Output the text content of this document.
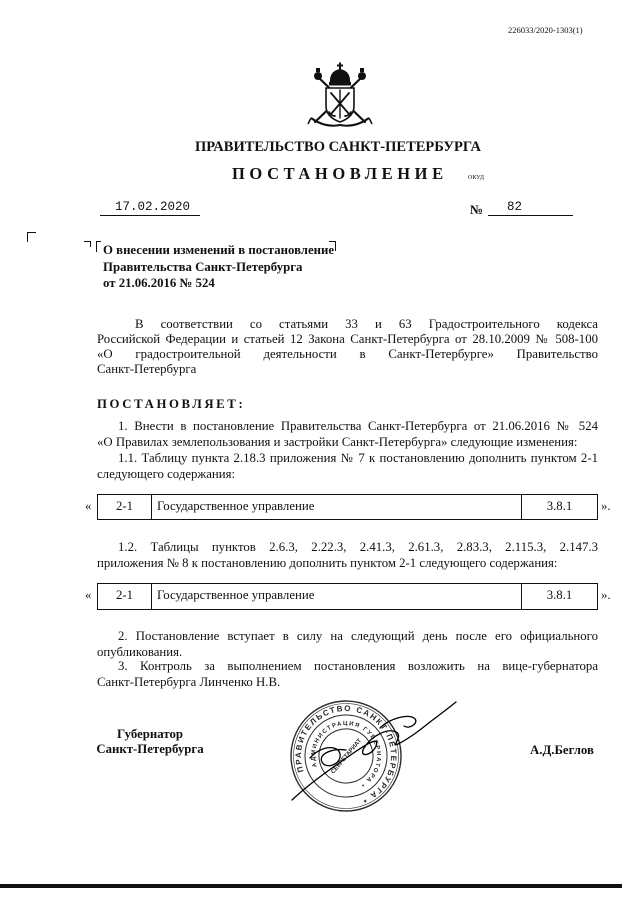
226033/2020-1303(1)
ПРАВИТЕЛЬСТВО САНКТ-ПЕТЕРБУРГА
ПОСТАНОВЛЕНИЕ	ОКУД
17.02.2020	№ 82
О внесении изменений в постановление
Правительства Санкт-Петербурга
от 21.06.2016 № 524
В соответствии со статьями 33 и 63 Градостроительного кодекса
Российской Федерации и статьей 12 Закона Санкт-Петербурга от 28.10.2009 № 508-100
«О градостроительной деятельности в Санкт-Петербурге» Правительство
Санкт-Петербурга
ПОСТАНОВЛЯЕТ:
1. Внести в постановление Правительства Санкт-Петербурга от 21.06.2016 № 524
«О Правилах землепользования и застройки Санкт-Петербурга» следующие изменения:
1.1. Таблицу пункта 2.18.3 приложения № 7 к постановлению дополнить пунктом 2-1
следующего содержания:
«	2-1	Государственное управление	3.8.1	».
1.2. Таблицы пунктов 2.6.3, 2.22.3, 2.41.3, 2.61.3, 2.83.3, 2.115.3, 2.147.3
приложения № 8 к постановлению дополнить пунктом 2-1 следующего содержания:
«	2-1	Государственное управление	3.8.1	».
2. Постановление вступает в силу на следующий день после его официального
опубликования.
3. Контроль за выполнением постановления возложить на вице-губернатора
Санкт-Петербурга Линченко Н.В.
Губернатор
Санкт-Петербурга	А.Д.Беглов
ПРАВИТЕЛЬСТВО САНКТ-ПЕТЕРБУРГА *
АДМИНИСТРАЦИЯ ГУБЕРНАТОРА *
СЕКРЕТАРИАТ
